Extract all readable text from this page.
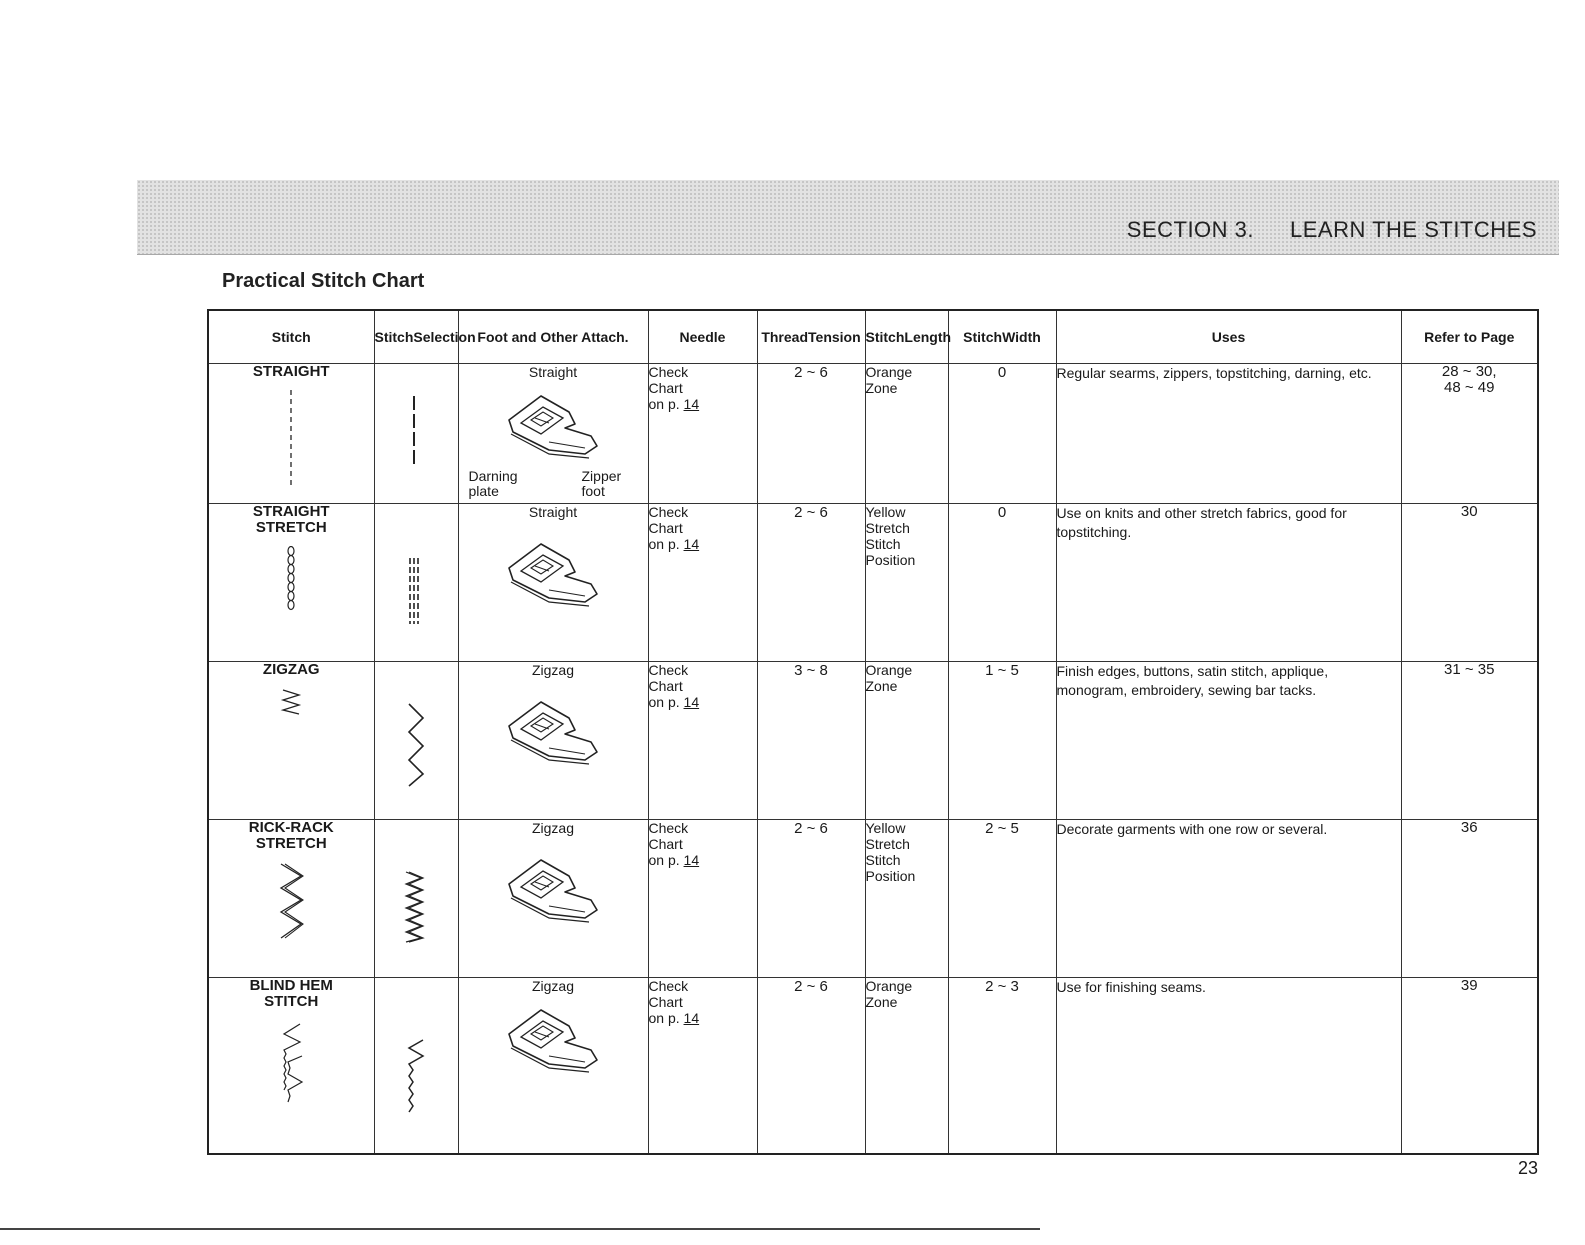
SECTION 3. LEARN THE STITCHES
Practical Stitch Chart
Stitch	StitchSelection	Foot and Other Attach.	Needle	ThreadTension	StitchLength	StitchWidth	Uses	Refer to Page

STRAIGHT		Straight
Darning plate
Zipper foot	Check
Chart
on p. 14	2 ~ 6	Orange
Zone	0	Regular searms, zippers, topstitching, darning, etc.	28 ~ 30,
48 ~ 49

STRAIGHT
STRETCH		Straight	Check
Chart
on p. 14	2 ~ 6	Yellow
Stretch
Stitch
Position	0	Use on knits and other stretch fabrics, good for topstitching.	30

ZIGZAG		Zigzag	Check
Chart
on p. 14	3 ~ 8	Orange
Zone	1 ~ 5	Finish edges, buttons, satin stitch, applique, monogram, embroidery, sewing bar tacks.	31 ~ 35

RICK-RACK
STRETCH		Zigzag	Check
Chart
on p. 14	2 ~ 6	Yellow
Stretch
Stitch
Position	2 ~ 5	Decorate garments with one row or several.	36

BLIND HEM
STITCH		Zigzag	Check
Chart
on p. 14	2 ~ 6	Orange
Zone	2 ~ 3	Use for finishing seams.	39
23
